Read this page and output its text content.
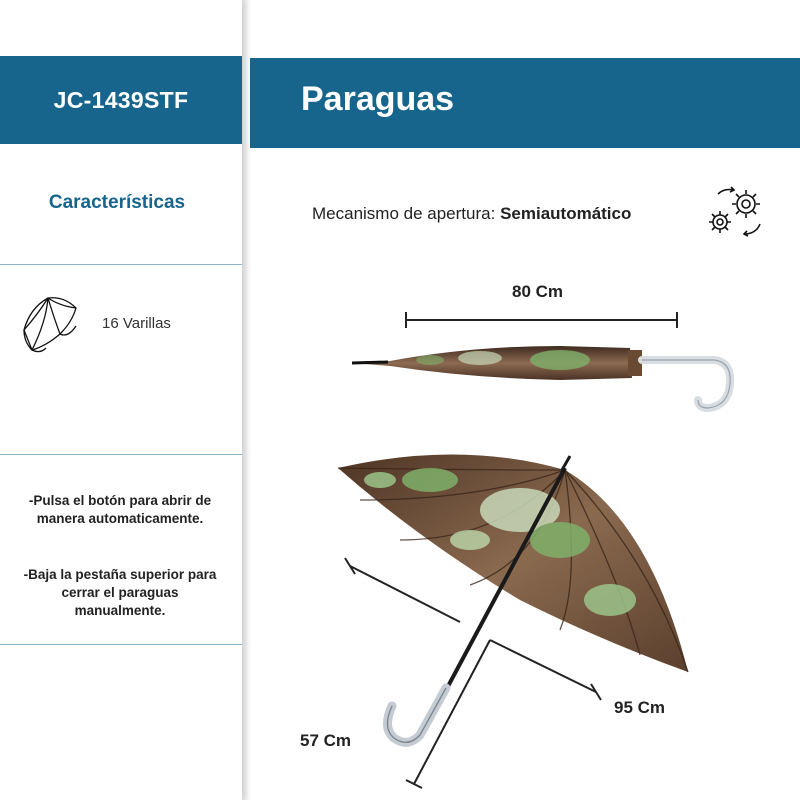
JC-1439STF
Características
16 Varillas
-Pulsa el botón para abrir de manera automaticamente.
-Baja la pestaña superior para cerrar el paraguas manualmente.
Paraguas
Mecanismo de apertura: Semiautomático
80 Cm
95 Cm
57 Cm
